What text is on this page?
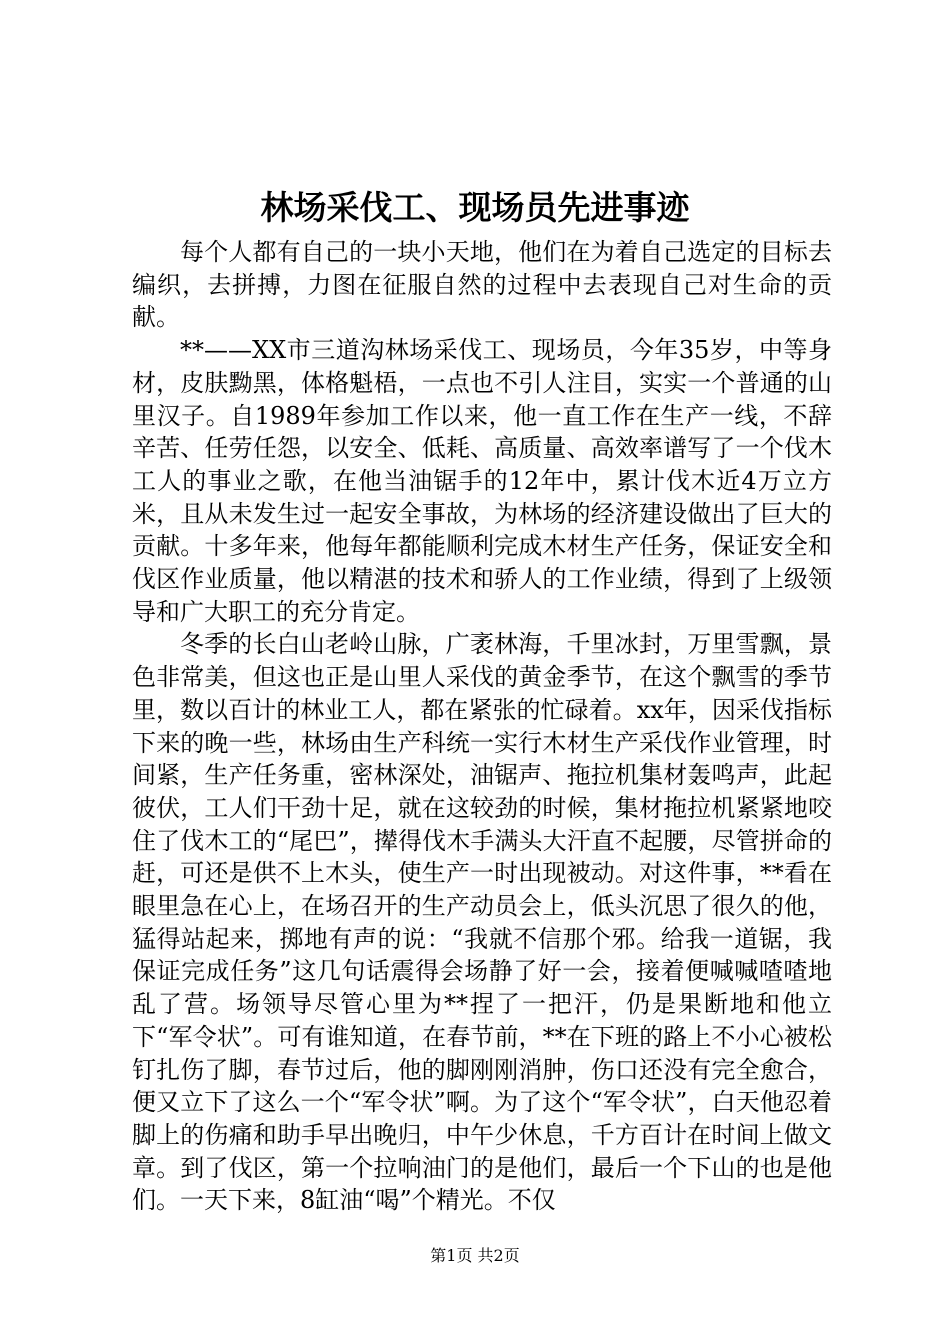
林场采伐工、现场员先进事迹

每个人都有自己的一块小天地，他们在为着自己选定的目标去编织，去拼搏，力图在征服自然的过程中去表现自己对生命的贡献。

**——XX市三道沟林场采伐工、现场员，今年35岁，中等身材，皮肤黝黑，体格魁梧，一点也不引人注目，实实一个普通的山里汉子。自1989年参加工作以来，他一直工作在生产一线，不辞辛苦、任劳任怨，以安全、低耗、高质量、高效率谱写了一个伐木工人的事业之歌，在他当油锯手的12年中，累计伐木近4万立方米，且从未发生过一起安全事故，为林场的经济建设做出了巨大的贡献。十多年来，他每年都能顺利完成木材生产任务，保证安全和伐区作业质量，他以精湛的技术和骄人的工作业绩，得到了上级领导和广大职工的充分肯定。

冬季的长白山老岭山脉，广袤林海，千里冰封，万里雪飘，景色非常美，但这也正是山里人采伐的黄金季节，在这个飘雪的季节里，数以百计的林业工人，都在紧张的忙碌着。xx年，因采伐指标下来的晚一些，林场由生产科统一实行木材生产采伐作业管理，时间紧，生产任务重，密林深处，油锯声、拖拉机集材轰鸣声，此起彼伏，工人们干劲十足，就在这较劲的时候，集材拖拉机紧紧地咬住了伐木工的“尾巴”，撵得伐木手满头大汗直不起腰，尽管拼命的赶，可还是供不上木头，使生产一时出现被动。对这件事，**看在眼里急在心上，在场召开的生产动员会上，低头沉思了很久的他，猛得站起来，掷地有声的说：“我就不信那个邪。给我一道锯，我保证完成任务”这几句话震得会场静了好一会，接着便喊喊喳喳地乱了营。场领导尽管心里为**捏了一把汗，仍是果断地和他立下“军令状”。可有谁知道，在春节前，**在下班的路上不小心被松钉扎伤了脚，春节过后，他的脚刚刚消肿，伤口还没有完全愈合，便又立下了这么一个“军令状”啊。为了这个“军令状”，白天他忍着脚上的伤痛和助手早出晚归，中午少休息，千方百计在时间上做文章。到了伐区，第一个拉响油门的是他们，最后一个下山的也是他们。一天下来，8缸油“喝”个精光。不仅

第1页 共2页
